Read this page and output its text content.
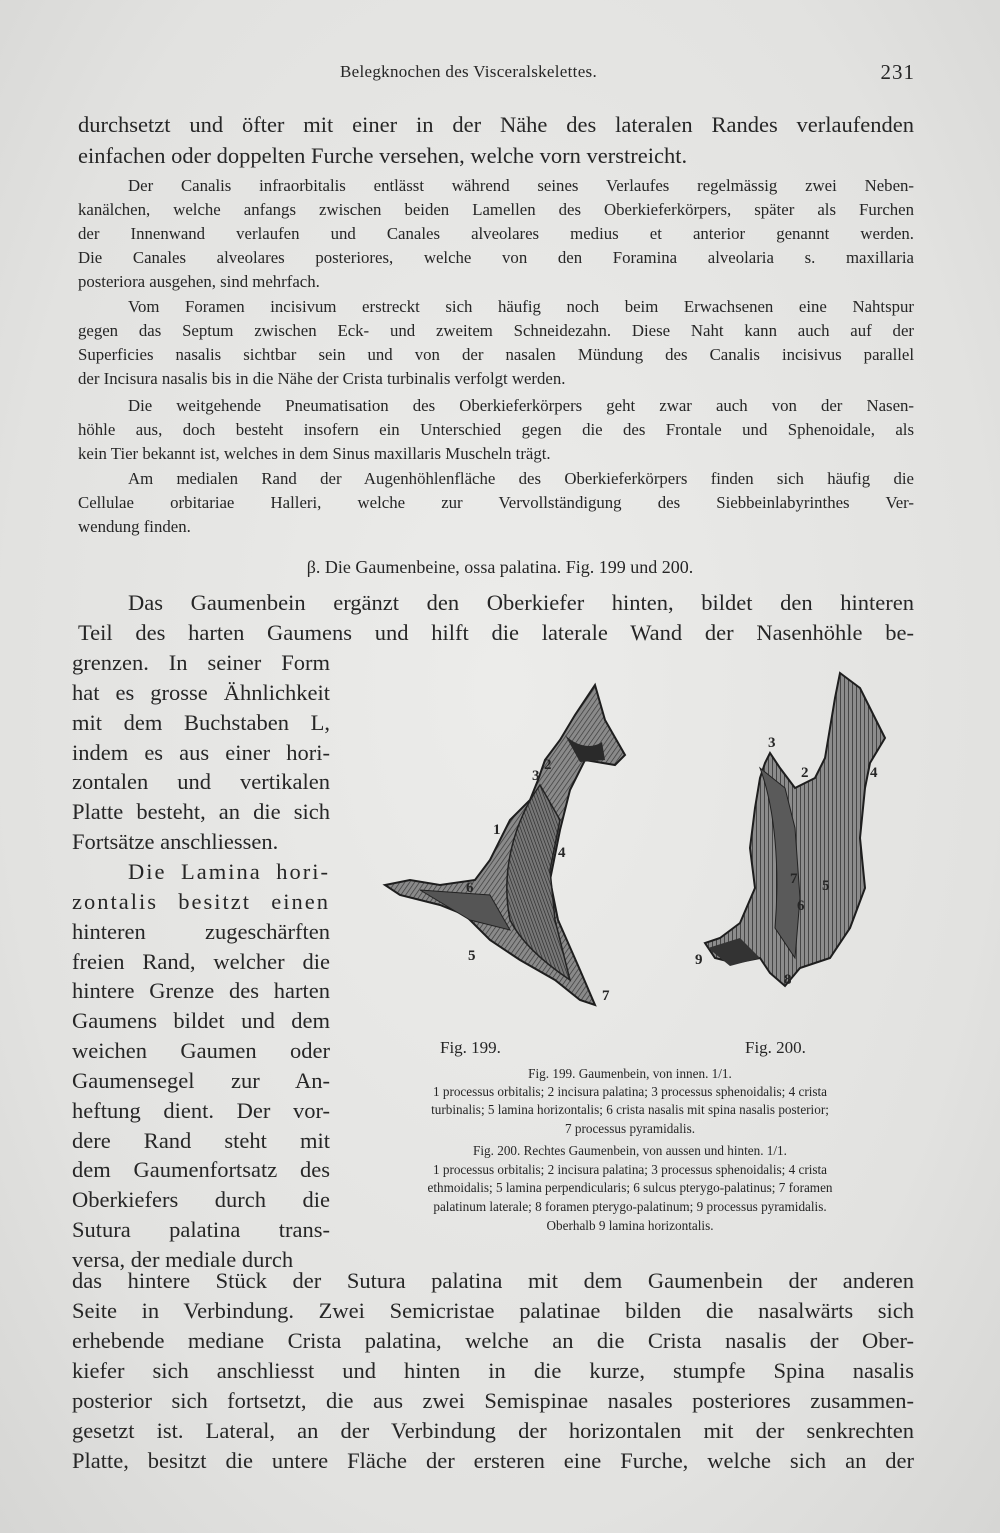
Belegknochen des Visceralskelettes.	231
durchsetzt und öfter mit einer in der Nähe des lateralen Randes verlaufenden
einfachen oder doppelten Furche versehen, welche vorn verstreicht.
Der Canalis infraorbitalis entlässt während seines Verlaufes regelmässig zwei Neben-
kanälchen, welche anfangs zwischen beiden Lamellen des Oberkieferkörpers, später als Furchen
der Innenwand verlaufen und Canales alveolares medius et anterior genannt werden.
Die Canales alveolares posteriores, welche von den Foramina alveolaria s. maxillaria
posteriora ausgehen, sind mehrfach.
Vom Foramen incisivum erstreckt sich häufig noch beim Erwachsenen eine Nahtspur
gegen das Septum zwischen Eck- und zweitem Schneidezahn. Diese Naht kann auch auf der
Superficies nasalis sichtbar sein und von der nasalen Mündung des Canalis incisivus parallel
der Incisura nasalis bis in die Nähe der Crista turbinalis verfolgt werden.
Die weitgehende Pneumatisation des Oberkieferkörpers geht zwar auch von der Nasen-
höhle aus, doch besteht insofern ein Unterschied gegen die des Frontale und Sphenoidale, als
kein Tier bekannt ist, welches in dem Sinus maxillaris Muscheln trägt.
Am medialen Rand der Augenhöhlenfläche des Oberkieferkörpers finden sich häufig die
Cellulae orbitariae Halleri, welche zur Vervollständigung des Siebbeinlabyrinthes Ver-
wendung finden.
β. Die Gaumenbeine, ossa palatina. Fig. 199 und 200.
Das Gaumenbein ergänzt den Oberkiefer hinten, bildet den hinteren
Teil des harten Gaumens und hilft die laterale Wand der Nasenhöhle be-
grenzen. In seiner Form
hat es grosse Ähnlichkeit
mit dem Buchstaben L,
indem es aus einer hori-
zontalen und vertikalen
Platte besteht, an die sich
Fortsätze anschliessen.
Die Lamina hori-
zontalis besitzt einen
hinteren zugeschärften
freien Rand, welcher die
hintere Grenze des harten
Gaumens bildet und dem
weichen Gaumen oder
Gaumensegel zur An-
heftung dient. Der vor-
dere Rand steht mit
dem Gaumenfortsatz des
Oberkiefers durch die
Sutura palatina trans-
versa, der mediale durch
1
2
3
4
5
6
7
Fig. 199.
3
2	4
5
6
7
8
9
Fig. 200.
Fig. 199. Gaumenbein, von innen. 1/1.
1 processus orbitalis; 2 incisura palatina; 3 processus sphenoidalis; 4 crista
turbinalis; 5 lamina horizontalis; 6 crista nasalis mit spina nasalis posterior;
7 processus pyramidalis.
Fig. 200. Rechtes Gaumenbein, von aussen und hinten. 1/1.
1 processus orbitalis; 2 incisura palatina; 3 processus sphenoidalis; 4 crista
ethmoidalis; 5 lamina perpendicularis; 6 sulcus pterygo-palatinus; 7 foramen
palatinum laterale; 8 foramen pterygo-palatinum; 9 processus pyramidalis.
Oberhalb 9 lamina horizontalis.
das hintere Stück der Sutura palatina mit dem Gaumenbein der anderen
Seite in Verbindung. Zwei Semicristae palatinae bilden die nasalwärts sich
erhebende mediane Crista palatina, welche an die Crista nasalis der Ober-
kiefer sich anschliesst und hinten in die kurze, stumpfe Spina nasalis
posterior sich fortsetzt, die aus zwei Semispinae nasales posteriores zusammen-
gesetzt ist. Lateral, an der Verbindung der horizontalen mit der senkrechten
Platte, besitzt die untere Fläche der ersteren eine Furche, welche sich an der
